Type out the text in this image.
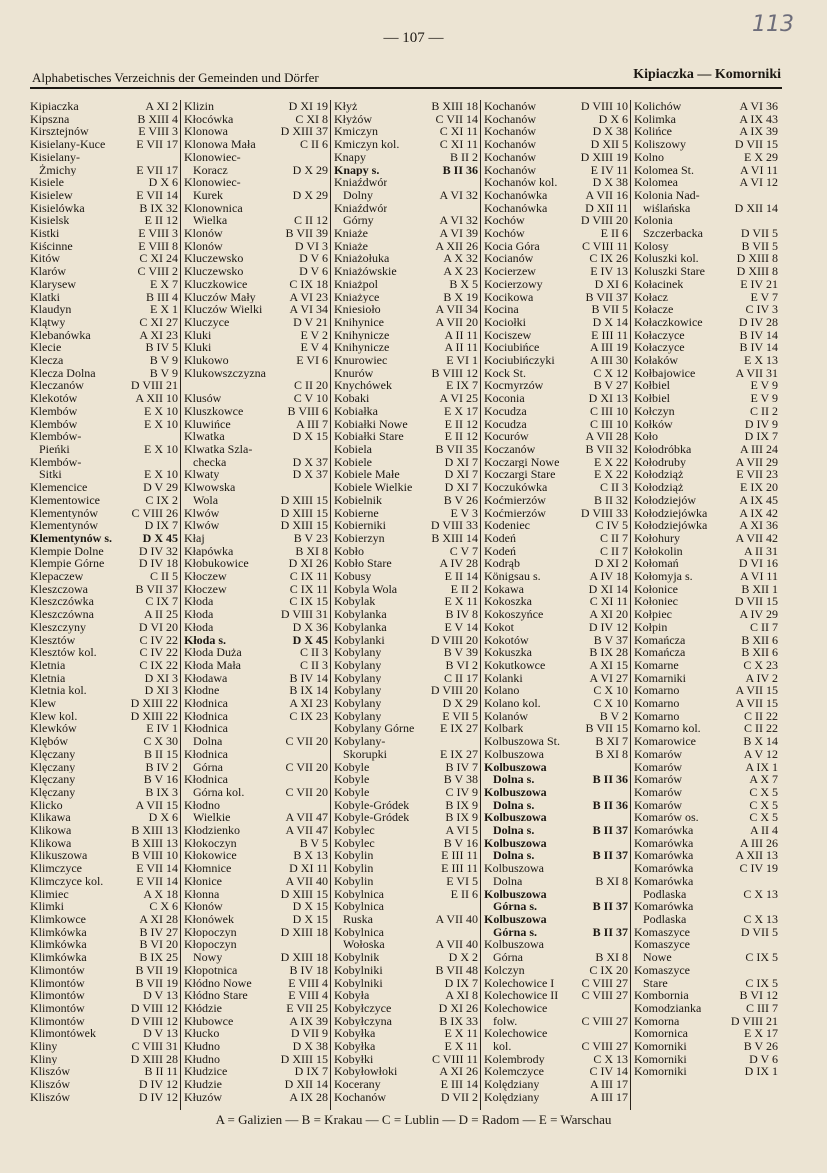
— 107 —
113
Alphabetisches Verzeichnis der Gemeinden und Dörfer	Kipiaczka — Komorniki
Kipiaczka	A XI 2
Kipszna	B XIII 4
Kirsztejnów	E VIII 3
Kisielany-Kuce	E VII 17
Kisielany-
Żmichy	E VII 17
Kisiele	D X 6
Kisielew	E VII 14
Kisielówka	B IX 32
Kisielsk	E II 12
Kistki	E VIII 3
Kiścinne	E VIII 8
Kitów	C XI 24
Klarów	C VIII 2
Klarysew	E X 7
Klatki	B III 4
Klaudyn	E X 1
Klątwy	C XI 27
Klebanówka	A XI 23
Klecie	B IV 5
Klecza	B V 9
Klecza Dolna	B V 9
Kleczanów	D VIII 21
Klekotów	A XII 10
Klembów	E X 10
Klembów	E X 10
Klembów-
Pieńki	E X 10
Klembów-
Sitki	E X 10
Klemencice	D V 29
Klementowice	C IX 2
Klementynów	C VIII 26
Klementynów	D IX 7
Klementynów s.	D X 45
Klempie Dolne	D IV 32
Klempie Górne	D IV 18
Klepaczew	C II 5
Kleszczowa	B VII 37
Kleszczówka	C IX 7
Kleszczówna	A II 25
Kleszczyny	D VI 20
Klesztów	C IV 22
Klesztów kol.	C IV 22
Kletnia	C IX 22
Kletnia	D XI 3
Kletnia kol.	D XI 3
Klew	D XIII 22
Klew kol.	D XIII 22
Klewków	E IV 1
Klębów	C X 30
Klęczany	B II 15
Klęczany	B IV 2
Klęczany	B V 16
Klęczany	B IX 3
Klicko	A VII 15
Klikawa	D X 6
Klikowa	B XIII 13
Klikowa	B XIII 13
Klikuszowa	B VIII 10
Klimczyce	E VII 14
Klimczyce kol.	E VII 14
Klimiec	A X 18
Klimki	C X 6
Klimkowce	A XI 28
Klimkówka	B IV 27
Klimkówka	B VI 20
Klimkówka	B IX 25
Klimontów	B VII 19
Klimontów	B VII 19
Klimontów	D V 13
Klimontów	D VIII 12
Klimontów	D VIII 12
Klimontówek	D V 13
Kliny	C VIII 31
Kliny	D XIII 28
Kliszów	B II 11
Kliszów	D IV 12
Kliszów	D IV 12
Klizin	D XI 19
Kłocówka	C XI 8
Klonowa	D XIII 37
Klonowa Mała	C II 6
Klonowiec-
Koracz	D X 29
Klonowiec-
Kurek	D X 29
Klonownica
Wielka	C II 12
Klonów	B VII 39
Klonów	D VI 3
Kluczewsko	D V 6
Kluczewsko	D V 6
Kluczkowice	C IX 18
Kluczów Mały	A VI 23
Kluczów Wielki A VI 34
Kluczyce	D V 21
Kluki	E V 2
Kluki	E V 4
Klukowo	E VI 6
Klukowszczyzna
C II 20
Klusów	C V 10
Kluszkowce	B VIII 6
Kluwińce	A III 7
Klwatka	D X 15
Klwatka Szla-
checka	D X 37
Klwaty	D X 37
Klwowska
Wola	D XIII 15
Klwów	D XIII 15
Klwów	D XIII 15
Kłaj	B V 23
Kłapówka	B XI 8
Kłobukowice	D XI 26
Kłoczew	C IX 11
Kłoczew	C IX 11
Kłoda	C IX 15
Kłoda	D VIII 31
Kłoda	D X 36
Kłoda s.	D X 45
Kłoda Duża	C II 3
Kłoda Mała	C II 3
Kłodawa	B IV 14
Kłodne	B IX 14
Kłodnica	A XI 23
Kłodnica	C IX 23
Kłodnica
Dolna	C VII 20
Kłodnica
Górna	C VII 20
Kłodnica
Górna kol.	C VII 20
Kłodno
Wielkie	A VII 47
Kłodzienko	A VII 47
Kłokoczyn	B V 5
Kłokowice	B X 13
Kłomnice	D XI 11
Kłonice	A VII 40
Kłonna	D XIII 15
Kłonów	D X 15
Kłonówek	D X 15
Kłopoczyn	D XIII 18
Kłopoczyn
Nowy	D XIII 18
Kłopotnica	B IV 18
Kłódno Nowe	E VIII 4
Kłódno Stare	E VIII 4
Kłódzie	E VII 25
Kłubowce	A IX 39
Kłucko	D VII 9
Kłudno	D X 38
Kłudno	D XIII 15
Kłudzice	D IX 7
Kłudzie	D XII 14
Kłuzów	A IX 28
Kłyż	B XIII 18
Kłyżów	C VII 14
Kmiczyn	C XI 11
Kmiczyn kol.	C XI 11
Knapy	B II 2
Knapy s.	B II 36
Kniaźdwór
Dolny	A VI 32
Kniaźdwór
Górny	A VI 32
Kniaże	A VI 39
Kniaże	A XII 26
Kniażołuka	A X 32
Kniażówskie	A X 23
Kniażpol	B X 5
Kniażyce	B X 19
Kniesioło	A VII 34
Knihynice	A VII 20
Knihynicze	A II 11
Knihynicze	A II 11
Knurowiec	E VI 1
Knurów	B VIII 12
Knychówek	E IX 7
Kobaki	A VI 25
Kobiałka	E X 17
Kobiałki Nowe	E II 12
Kobiałki Stare	E II 12
Kobiela	B VII 35
Kobiele	D XI 7
Kobiele Małe	D XI 7
Kobiele Wielkie	D XI 7
Kobielnik	B V 26
Kobierne	E V 3
Kobierniki	D VIII 33
Kobierzyn	B XIII 14
Kobło	C V 7
Kobło Stare	A IV 28
Kobusy	E II 14
Kobyla Wola	E II 2
Kobylak	E X 11
Kobylanka	B IV 8
Kobylanka	E V 14
Kobylanki	D VIII 20
Kobylany	B V 39
Kobylany	B VI 2
Kobylany	C II 17
Kobylany	D VIII 20
Kobylany	D X 29
Kobylany	E VII 5
Kobylany Górne E IX 27
Kobylany-
Skorupki	E IX 27
Kobyle	B IV 7
Kobyle	B V 38
Kobyle	C IV 9
Kobyle-Gródek	B IX 9
Kobyle-Gródek	B IX 9
Kobylec	A VI 5
Kobylec	B V 16
Kobylin	E III 11
Kobylin	E III 11
Kobylin	E VI 5
Kobylnica	E II 6
Kobylnica
Ruska	A VII 40
Kobylnica
Wołoska	A VII 40
Kobylnik	D X 2
Kobylniki	B VII 48
Kobylniki	D IX 7
Kobyła	A XI 8
Kobyłczyce	D XI 26
Kobyłczyna	B IX 33
Kobyłka	E X 11
Kobyłka	E X 11
Kobyłki	C VIII 11
Kobyłowłoki	A XI 26
Kocerany	E III 14
Kochanów	D VII 2
Kochanów	D VIII 10
Kochanów	D X 6
Kochanów	D X 38
Kochanów	D XII 5
Kochanów	D XIII 19
Kochanów	E IV 11
Kochanów kol.	D X 38
Kochanówka	A VII 16
Kochanówka	D XII 11
Kochów	D VIII 20
Kochów	E II 6
Kocia Góra	C VIII 11
Kocianów	C IX 26
Kocierzew	E IV 13
Kocierzowy	D XI 6
Kocikowa	B VII 37
Kocina	B VII 5
Kociołki	D X 14
Kociszew	E III 11
Kociubińce	A III 19
Kociubińczyki	A III 30
Kock St.	C X 12
Kocmyrzów	B V 27
Koconia	D XI 13
Kocudza	C III 10
Kocudza	C III 10
Kocurów	A VII 28
Koczanów	B VII 32
Koczargi Nowe	E X 22
Koczargi Stare	E X 22
Koczukówka	C II 3
Koćmierzów	B II 32
Koćmierzów	D VIII 33
Kodeniec	C IV 5
Kodeń	C II 7
Kodeń	C II 7
Kodrąb	D XI 2
Königsau s.	A IV 18
Kokawa	D XI 14
Kokoszka	C XI 11
Kokoszyńce	A XI 20
Kokot	D IV 12
Kokotów	B V 37
Kokuszka	B IX 28
Kokutkowce	A XI 15
Kolanki	A VI 27
Kolano	C X 10
Kolano kol.	C X 10
Kolanów	B V 2
Kolbark	B VII 15
Kolbuszowa St.	B XI 7
Kolbuszowa	B XI 8
Kolbuszowa
Dolna s.	B II 36
Kolbuszowa
Dolna s.	B II 36
Kolbuszowa
Dolna s.	B II 37
Kolbuszowa
Dolna s.	B II 37
Kolbuszowa
Dolna	B XI 8
Kolbuszowa
Górna s.	B II 37
Kolbuszowa
Górna s.	B II 37
Kolbuszowa
Górna	B XI 8
Kolczyn	C IX 20
Kolechowice I C VIII 27
Kolechowice II C VIII 27
Kolechowice
folw.	C VIII 27
Kolechowice
kol.	C VIII 27
Kolembrody	C X 13
Kolemczyce	C IV 14
Kolędziany	A III 17
Kolędziany	A III 17
Kolichów	A VI 36
Kolimka	A IX 43
Kolińce	A IX 39
Koliszowy	D VII 15
Kolno	E X 29
Kolomea St.	A VI 11
Kolomea	A VI 12
Kolonia Nad-
wiślańska	D XII 14
Kolonia
Szczerbacka	D VII 5
Kolosy	B VII 5
Koluszki kol.	D XIII 8
Koluszki Stare	D XIII 8
Kołacinek	E IV 21
Kołacz	E V 7
Kołacze	C IV 3
Kołaczkowice	D IV 28
Kołaczyce	B IV 14
Kołaczyce	B IV 14
Kołaków	E X 13
Kołbajowice	A VII 31
Kołbiel	E V 9
Kołbiel	E V 9
Kołczyn	C II 2
Kołków	D IV 9
Koło	D IX 7
Kołodróbka	A III 24
Kołodruby	A VII 29
Kołodziąż	E VII 23
Kołodziąż	E IX 20
Kołodziejów	A IX 45
Kołodziejówka	A IX 42
Kołodziejówka	A XI 36
Kołohury	A VII 42
Kołokolin	A II 31
Kołomań	D VI 16
Kołomyja s.	A VI 11
Kołonice	B XII 1
Kołoniec	D VII 15
Kołpiec	A IV 29
Kołpin	C II 7
Komańcza	B XII 6
Komańcza	B XII 6
Komarne	C X 23
Komarniki	A IV 2
Komarno	A VII 15
Komarno	A VII 15
Komarno	C II 22
Komarno kol.	C II 22
Komarowice	B X 14
Komarów	A V 12
Komarów	A IX 1
Komarów	A X 7
Komarów	C X 5
Komarów	C X 5
Komarów os.	C X 5
Komarówka	A II 4
Komarówka	A III 26
Komarówka	A XII 13
Komarówka	C IV 19
Komarówka
Podlaska	C X 13
Komarówka
Podlaska	C X 13
Komaszyce	D VII 5
Komaszyce
Nowe	C IX 5
Komaszyce
Stare	C IX 5
Kombornia	B VI 12
Komodzianka	C III 7
Komorna	D VIII 21
Komornica	E X 17
Komorniki	B V 26
Komorniki	D V 6
Komorniki	D IX 1
A = Galizien — B = Krakau — C = Lublin — D = Radom — E = Warschau
